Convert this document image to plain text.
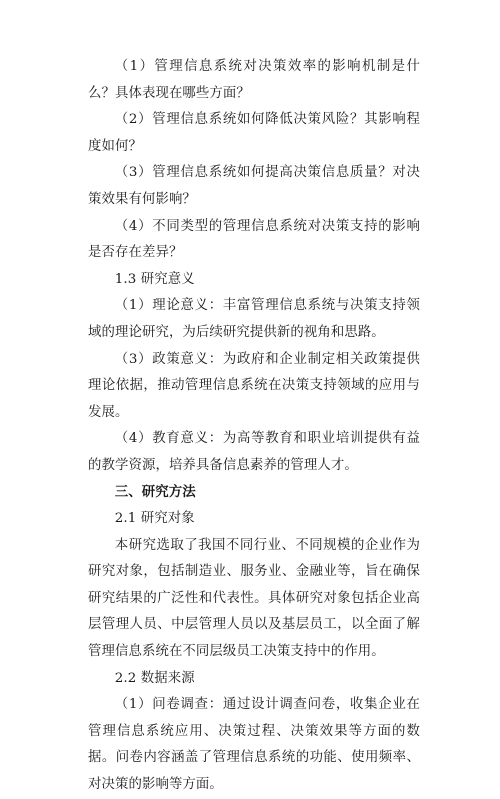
（1）管理信息系统对决策效率的影响机制是什么？具体表现在哪些方面？

（2）管理信息系统如何降低决策风险？其影响程度如何？

（3）管理信息系统如何提高决策信息质量？对决策效果有何影响？

（4）不同类型的管理信息系统对决策支持的影响是否存在差异？

1.3 研究意义

（1）理论意义：丰富管理信息系统与决策支持领域的理论研究，为后续研究提供新的视角和思路。

（3）政策意义：为政府和企业制定相关政策提供理论依据，推动管理信息系统在决策支持领域的应用与发展。

（4）教育意义：为高等教育和职业培训提供有益的教学资源，培养具备信息素养的管理人才。

三、研究方法

2.1 研究对象

本研究选取了我国不同行业、不同规模的企业作为研究对象，包括制造业、服务业、金融业等，旨在确保研究结果的广泛性和代表性。具体研究对象包括企业高层管理人员、中层管理人员以及基层员工，以全面了解管理信息系统在不同层级员工决策支持中的作用。

2.2 数据来源

（1）问卷调查：通过设计调查问卷，收集企业在管理信息系统应用、决策过程、决策效果等方面的数据。问卷内容涵盖了管理信息系统的功能、使用频率、对决策的影响等方面。
